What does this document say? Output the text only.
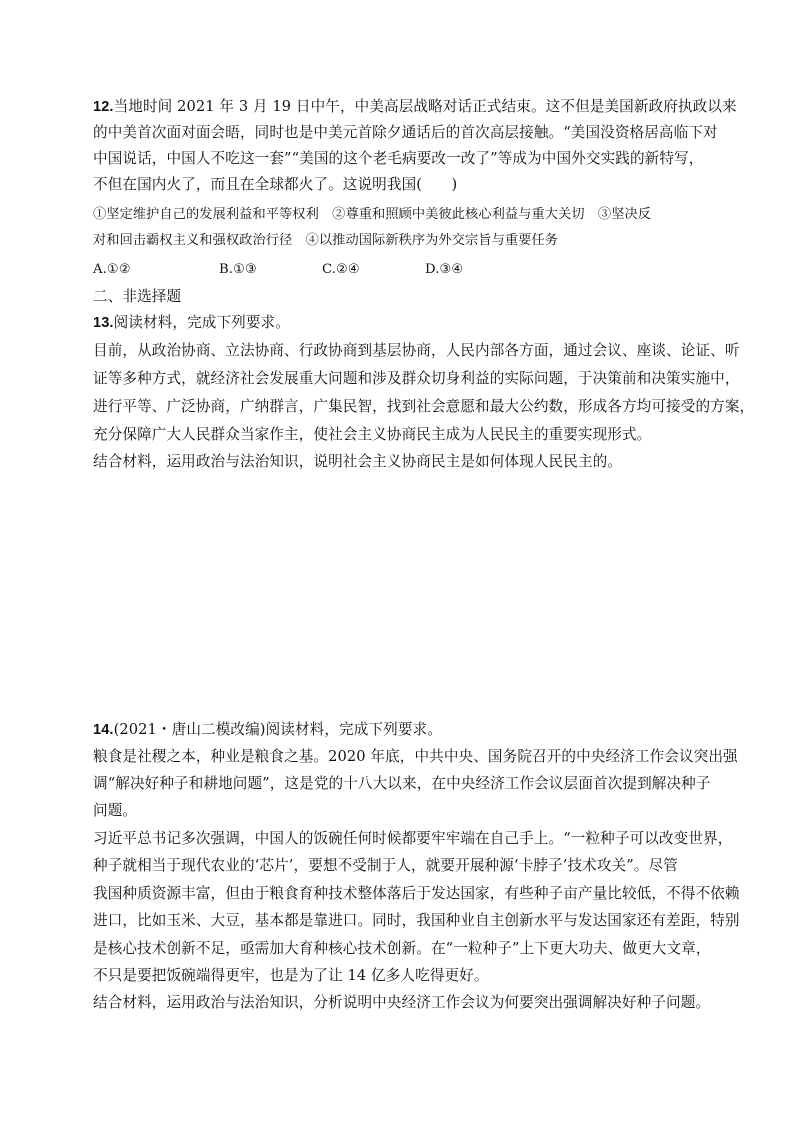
12.当地时间 2021 年 3 月 19 日中午，中美高层战略对话正式结束。这不但是美国新政府执政以来
的中美首次面对面会晤，同时也是中美元首除夕通话后的首次高层接触。“美国没资格居高临下对
中国说话，中国人不吃这一套”“美国的这个老毛病要改一改了”等成为中国外交实践的新特写，
不但在国内火了，而且在全球都火了。这说明我国(　　)
①坚定维护自己的发展利益和平等权利　②尊重和照顾中美彼此核心利益与重大关切　③坚决反
对和回击霸权主义和强权政治行径　④以推动国际新秩序为外交宗旨与重要任务
A.①②	B.①③	C.②④	D.③④
二、非选择题
13.阅读材料，完成下列要求。
目前，从政治协商、立法协商、行政协商到基层协商，人民内部各方面，通过会议、座谈、论证、听
证等多种方式，就经济社会发展重大问题和涉及群众切身利益的实际问题，于决策前和决策实施中，
进行平等、广泛协商，广纳群言，广集民智，找到社会意愿和最大公约数，形成各方均可接受的方案，
充分保障广大人民群众当家作主，使社会主义协商民主成为人民民主的重要实现形式。
结合材料，运用政治与法治知识，说明社会主义协商民主是如何体现人民民主的。
14.(2021・唐山二模改编)阅读材料，完成下列要求。
粮食是社稷之本，种业是粮食之基。2020 年底，中共中央、国务院召开的中央经济工作会议突出强
调“解决好种子和耕地问题”，这是党的十八大以来，在中央经济工作会议层面首次提到解决种子
问题。
习近平总书记多次强调，中国人的饭碗任何时候都要牢牢端在自己手上。“一粒种子可以改变世界，
种子就相当于现代农业的‘芯片’，要想不受制于人，就要开展种源‘卡脖子’技术攻关”。尽管
我国种质资源丰富，但由于粮食育种技术整体落后于发达国家，有些种子亩产量比较低，不得不依赖
进口，比如玉米、大豆，基本都是靠进口。同时，我国种业自主创新水平与发达国家还有差距，特别
是核心技术创新不足，亟需加大育种核心技术创新。在“一粒种子”上下更大功夫、做更大文章，
不只是要把饭碗端得更牢，也是为了让 14 亿多人吃得更好。
结合材料，运用政治与法治知识，分析说明中央经济工作会议为何要突出强调解决好种子问题。
